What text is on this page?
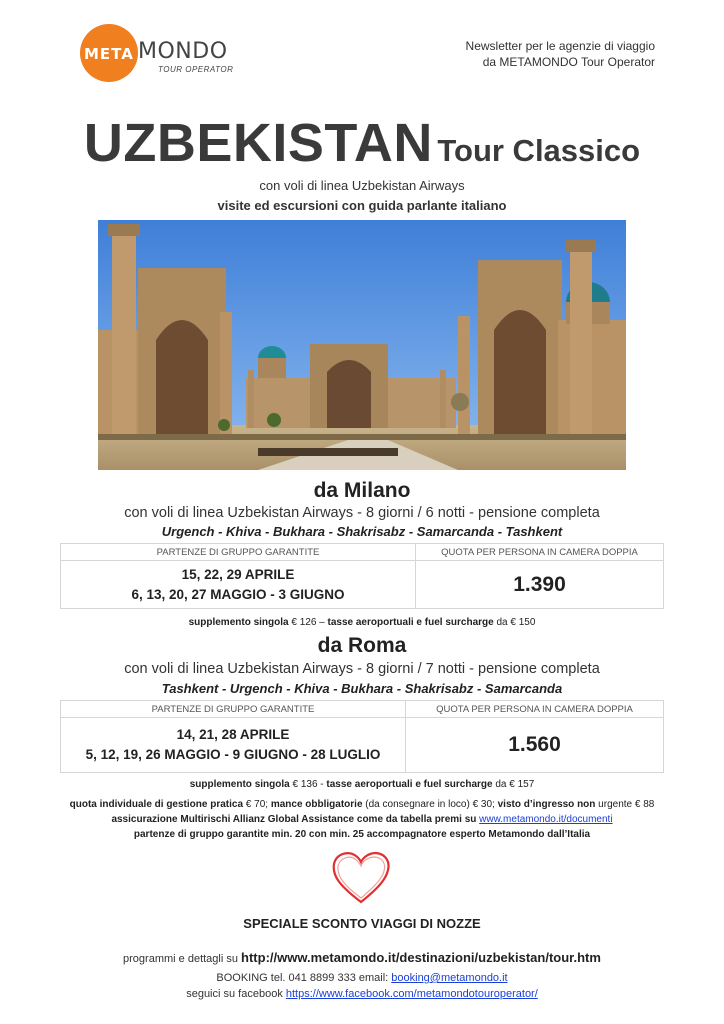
META MONDO
TOUR OPERATOR
Newsletter per le agenzie di viaggio
da METAMONDO Tour Operator
UZBEKISTAN Tour Classico
con voli di linea Uzbekistan Airways
visite ed escursioni con guida parlante italiano
da Milano
con voli di linea Uzbekistan Airways - 8 giorni / 6 notti - pensione completa
Urgench - Khiva - Bukhara - Shakrisabz - Samarcanda - Tashkent
PARTENZE DI GRUPPO GARANTITE	QUOTA PER PERSONA IN CAMERA DOPPIA

15, 22, 29 APRILE
6, 13, 20, 27 MAGGIO - 3 GIUGNO	1.390
supplemento singola € 126 – tasse aeroportuali e fuel surcharge da € 150
da Roma
con voli di linea Uzbekistan Airways - 8 giorni / 7 notti - pensione completa
Tashkent - Urgench - Khiva - Bukhara - Shakrisabz - Samarcanda
PARTENZE DI GRUPPO GARANTITE	QUOTA PER PERSONA IN CAMERA DOPPIA

14, 21, 28 APRILE
5, 12, 19, 26 MAGGIO - 9 GIUGNO - 28 LUGLIO	1.560
supplemento singola € 136 - tasse aeroportuali e fuel surcharge da € 157
quota individuale di gestione pratica € 70; mance obbligatorie (da consegnare in loco) € 30; visto d’ingresso non urgente € 88
assicurazione Multirischi Allianz Global Assistance come da tabella premi su www.metamondo.it/documenti
partenze di gruppo garantite min. 20 con min. 25 accompagnatore esperto Metamondo dall’Italia
SPECIALE SCONTO VIAGGI DI NOZZE
programmi e dettagli su http://www.metamondo.it/destinazioni/uzbekistan/tour.htm
BOOKING tel. 041 8899 333 email: booking@metamondo.it
seguici su facebook https://www.facebook.com/metamondotouroperator/
